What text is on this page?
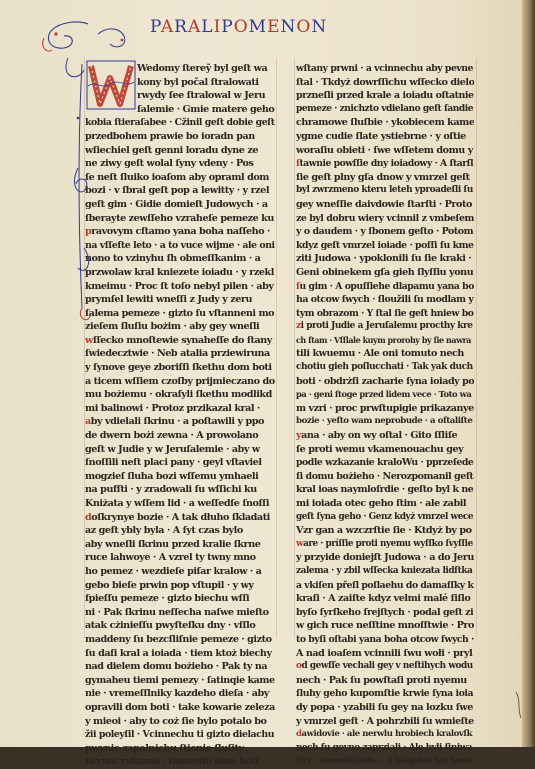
PARALIPOMENON
Wedomy ſtereỹ byl geſt wa
kony byl počal ſtralowati
rwydy ſee ſtralowal w Jeru
ſalemie · Gmie matere geho
kobia ſtieraſabee · Cžinil geſt dobie geſt
przedbohem prawie bo ioradn pan
wſiechiel geſt genni loradu dyne ze
ne ziwy geſt wolal ſyny vdeny · Pos
ſe neſt ſluiko ioaſom aby opraml dom
bozi · v ſbral geſt pop a lewitty · y rzel
geſt gim · Gidie domieſt Judowych · a
ſberayte zewſſeho vzraheſe pemeze ku
pravovym cſtamo yana boha naſſeho ·
na vſſeſte leto · a to vuce wijme · ale oni
nono to vzinyhu ſh obmeſſkanim · a
przwolaw kral kniezete ioiadu · y rzekl
kmeimu · Proc ſt toſo nebyl pilen · aby
prymſel lewiti wneſſi z Judy y zeru
ſalema pemeze · gizto ſu vſtanneni mo
zieſem ſluſiu bożim · aby gey wneſli
wſſecko mnoſtewie synaheſſe do ſtany
ſwiedecztwie · Neb atalia prziewiruna
y ſynove geye zboriſſi ſkethu dom boti
a ticem wſſiem czoſby prijmieczano do
mu bożiemu · okraſyli ſkethu modlikd
mi balinowi · Protoz przikazal kral ·
aby vdielali ſkrinu · a poſtawili y ppo
de dwern bożi zewna · A prowolano
geſt w Judie y w Jeruſalemie · aby w
ſnoſſili neſt placi pany · geyl vſtaviel
mogzieſ ſluha bozi wſſemu ymhaeli
na pufſti · y zradowali ſu wſſichi ku
Kniżata y wſſem lid · a weſſedſe ſnoſſi
doſkrynye bozie · A tak dłuho ſkladati
az geſt ybly byla · A ſyt czas bylo
aby wneſli ſkrinu przed kralie ſkrne
ruce lahwoye · A vzrel ty twny mno
ho pemez · wezdieſe piſar kralow · a
gebo bieſe prwin pop vſtupil · y wy
ſpieſſu pemeze · gizto biechu wſſi
ni · Pak ſkrinu neſſecha naſwe mieſto
atak cżinieſſu pwyſteſku dny · vſſlo
maddeny ſu bezcſliſnie pemeze · gizto
ſu daſi kral a ioiada · tiem ktoż biechy
nad dielem domu bożieho · Pak ty na
gymaheu tiemi pemezy · ſatinqie kame
nie · vremeſſlniky kazdeho dieſa · aby
opravili dom boti · take kowarie zeleza
y mieoi · aby to coż ſie bylo potalo bo
žii poleyſil · Vcinnechu ti gizto dielachu
pwynie zapalnichu ſtienie ſluſity
ſwymu rukama · Dnavedli dom boti
wſtany prwni · a vcinnechu aby pevne
ſtal · Tkdyż dowrſſichu wſſecko dielo
przneſli przed krale a ioiadu oſtatnie
pemeze · znichzto vdielano geſt ſandie
chramowe ſluſbie · ykobiecem kame
ygme cudie ſlate ystiebrne · y oſtie
woraſiu obieti · ſwe wſſetem domu y
ſtawnie powſſie dny ioiadowy · A ſtarſl
ſie geſt plny gſa dnow y vmrzel geſt
byl zwrzmeno kteru leteh yproadeſli ſu
gey wneſſie daivdowie ſtarſti · Proto
ze byl dobru wiery vcinnil z vmbeſem
y o daudem · y ſbonem geſto · Potom
kdyz geſt vmrzel ioiade · poſſi ſu kme
ziti Judowa · ypoklonili ſu ſie kraki ·
Geni obinekem gſa gieh ſlyſſiu yonu
ſu gim · A opuſſiehe dlapamu yana bo
ha otcow ſwych · ſloužili ſu modlam y
tym obrazom · Y ſtal ſie geſt hniew bo
zi proti Judie a Jeruſalemu procthy kre
ch ſtam · Vſſlale kuym prorohy by ſie nawra
tili kwuemu · Ale oni tomuto nech
chotiu gieh poſlucchati · Tak yak duch
boti · obdrżſi zacharie ſyna ioiady po
pa · geni ſtoge przed lidem vece · Toto wa
m vzri · proc prwſtupigie prikazanye
bozie · yeſto wam neprobude · a oſtaliſte
yana · aby on wy oſtal · Gito ſſliſe
ſe proti wemu vkamenouachu gey
podle wzkazanie kraloWu · pprzeſede
ſi domu bożieho · Nerozpomanil geſt
kral ioas naymloſrdie · geſto byl k ne
mi ioiada otec geho ſtim · ale zabil
geſt ſyna geho · Genz kdyż vmrzel wece
Vzr gan a wzczrſtie ſie · Ktdyż by po
ware · príſſie proti nyemu wyſſko ſvyſſie
y przyide doniejſt Judowa · a do Jeru
zalema · y zbil wſſecka kniezata lidſtka
a vkiſen přeſl poſlaehu do damaſſky k
kraſi · A zaiſte kdyz velmi malé ſiſlo
byſo ſyrſkeho ſrejſtych · podal geſt zi
w gich ruce neſſtine mnoſſtwie · Pro
to byſi oſtabi yana boha otcow ſwych ·
A nad ioaſem vcinnili ſwu wołi · pryl
od gewſſe vechali gey v neſtihych wodu
nech · Pak ſu powſtaſi proti nyemu
ſluhy geho kupomſtie krwie ſyna ioia
dy popa · yzabili ſu gey na lozku ſwe
y vmrzel geſt · A pohrzbili ſu wmieſte
dawidovie · ale nerwlu hrobiech kralovſk
nech ſu geyno zaprziali · Ale byli ſiniwa
ſtrz · amoniſtſkeho · A ioſaphat ſyn ſema
